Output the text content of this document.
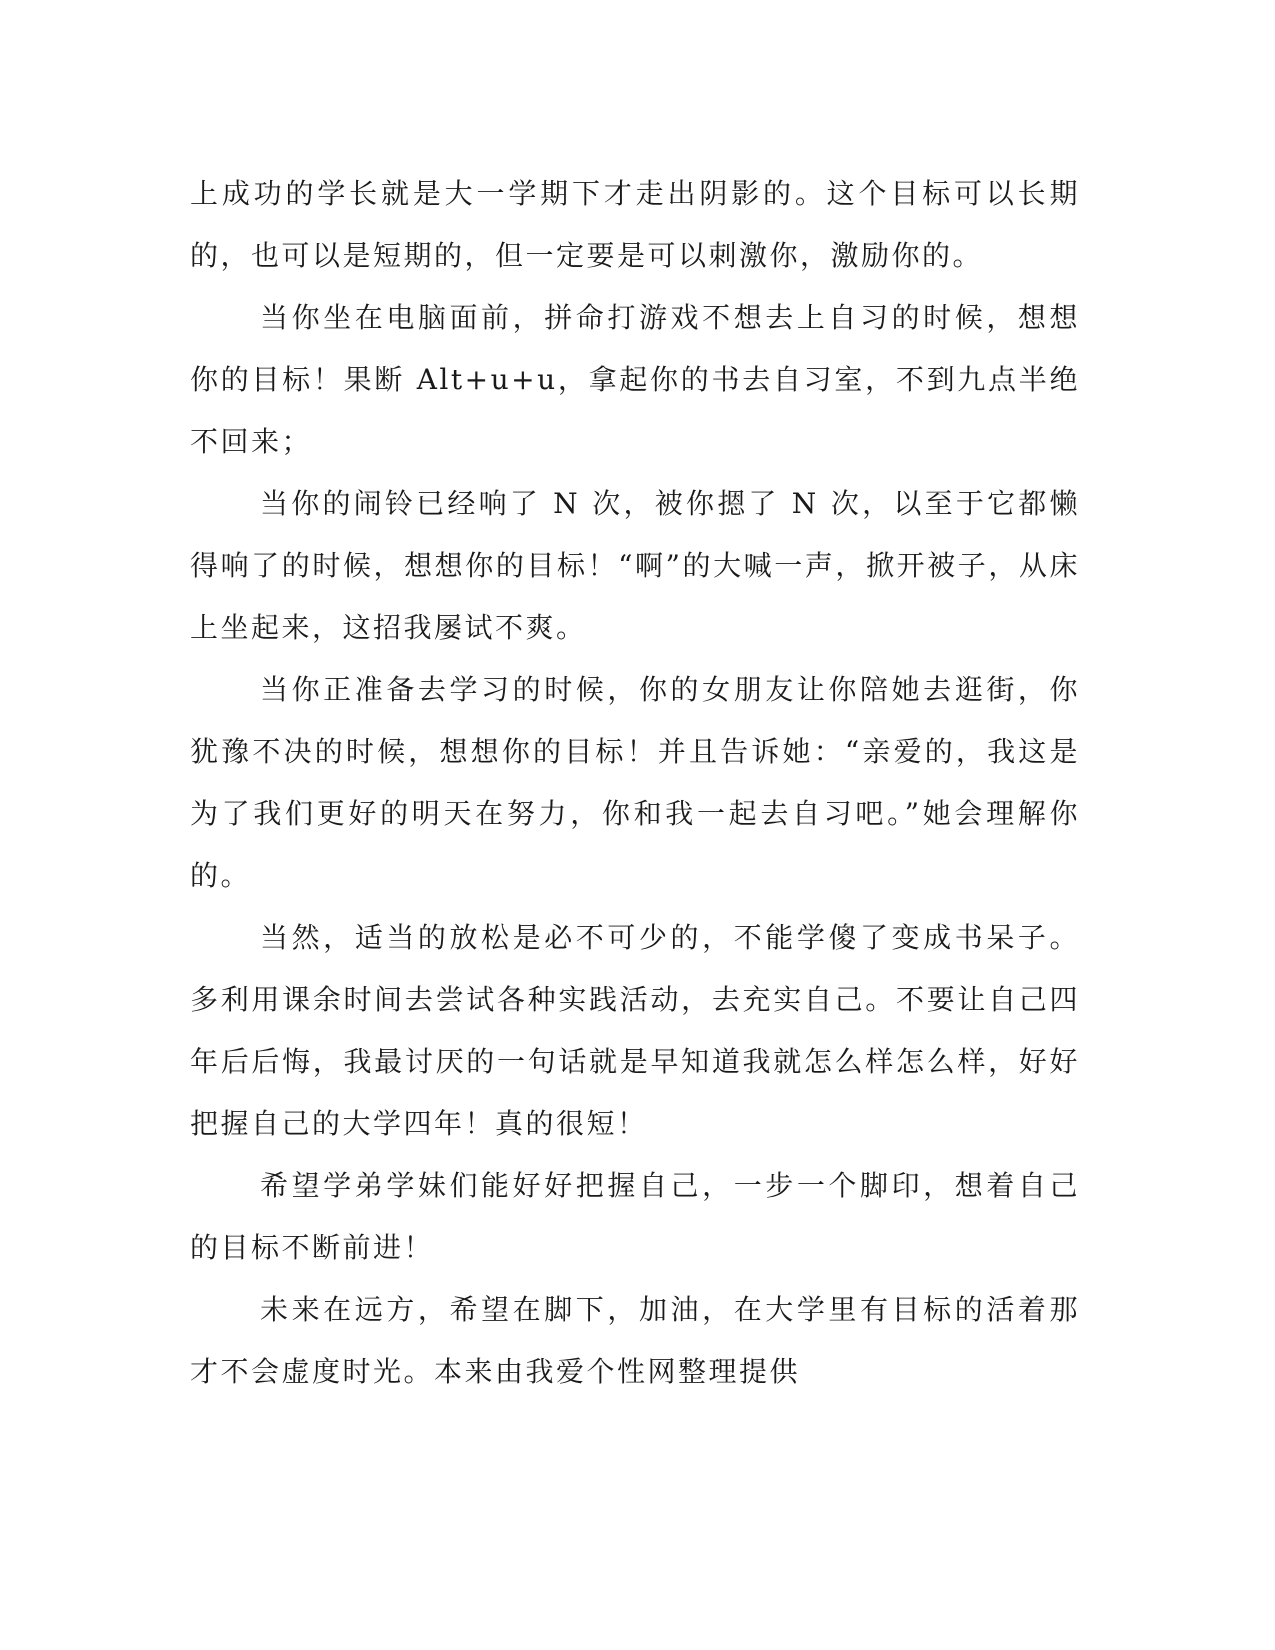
上成功的学长就是大一学期下才走出阴影的。这个目标可以长期的，也可以是短期的，但一定要是可以刺激你，激励你的。

当你坐在电脑面前，拼命打游戏不想去上自习的时候，想想你的目标！果断 Alt+u+u，拿起你的书去自习室，不到九点半绝不回来；

当你的闹铃已经响了 N 次，被你摁了 N 次，以至于它都懒得响了的时候，想想你的目标！“啊”的大喊一声，掀开被子，从床上坐起来，这招我屡试不爽。

当你正准备去学习的时候，你的女朋友让你陪她去逛街，你犹豫不决的时候，想想你的目标！并且告诉她：“亲爱的，我这是为了我们更好的明天在努力，你和我一起去自习吧。”她会理解你的。

当然，适当的放松是必不可少的，不能学傻了变成书呆子。多利用课余时间去尝试各种实践活动，去充实自己。不要让自己四年后后悔，我最讨厌的一句话就是早知道我就怎么样怎么样，好好把握自己的大学四年！真的很短！

希望学弟学妹们能好好把握自己，一步一个脚印，想着自己的目标不断前进！

未来在远方，希望在脚下，加油，在大学里有目标的活着那才不会虚度时光。本来由我爱个性网整理提供
